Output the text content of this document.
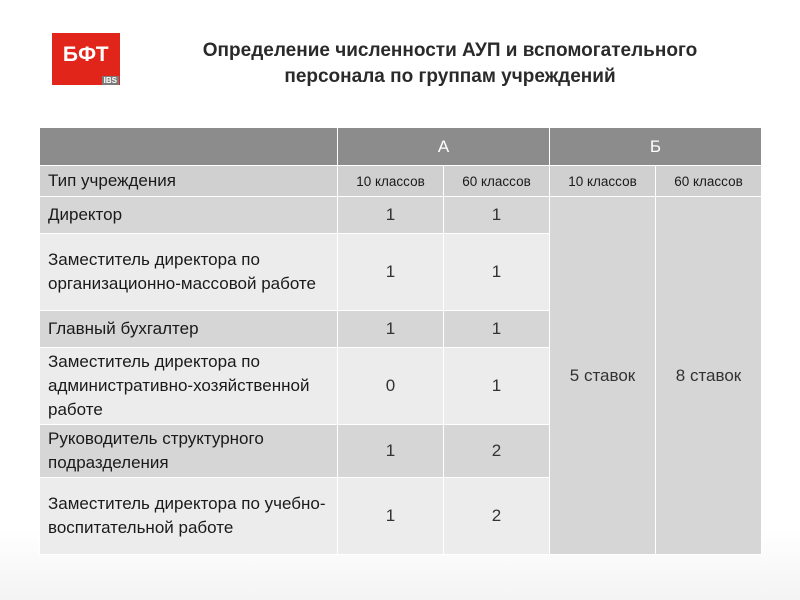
БФТ
IBS
Определение численности АУП и вспомогательного
персонала по группам учреждений
	А		Б	
Тип учреждения	10 классов	60 классов	10 классов	60 классов
Директор	1	1	5 ставок	8 ставок
Заместитель директора по организационно-массовой работе	1	1		
Главный бухгалтер	1	1		
Заместитель директора по административно-хозяйственной работе	0	1		
Руководитель структурного подразделения	1	2		
Заместитель директора по учебно-воспитательной работе	1	2		
